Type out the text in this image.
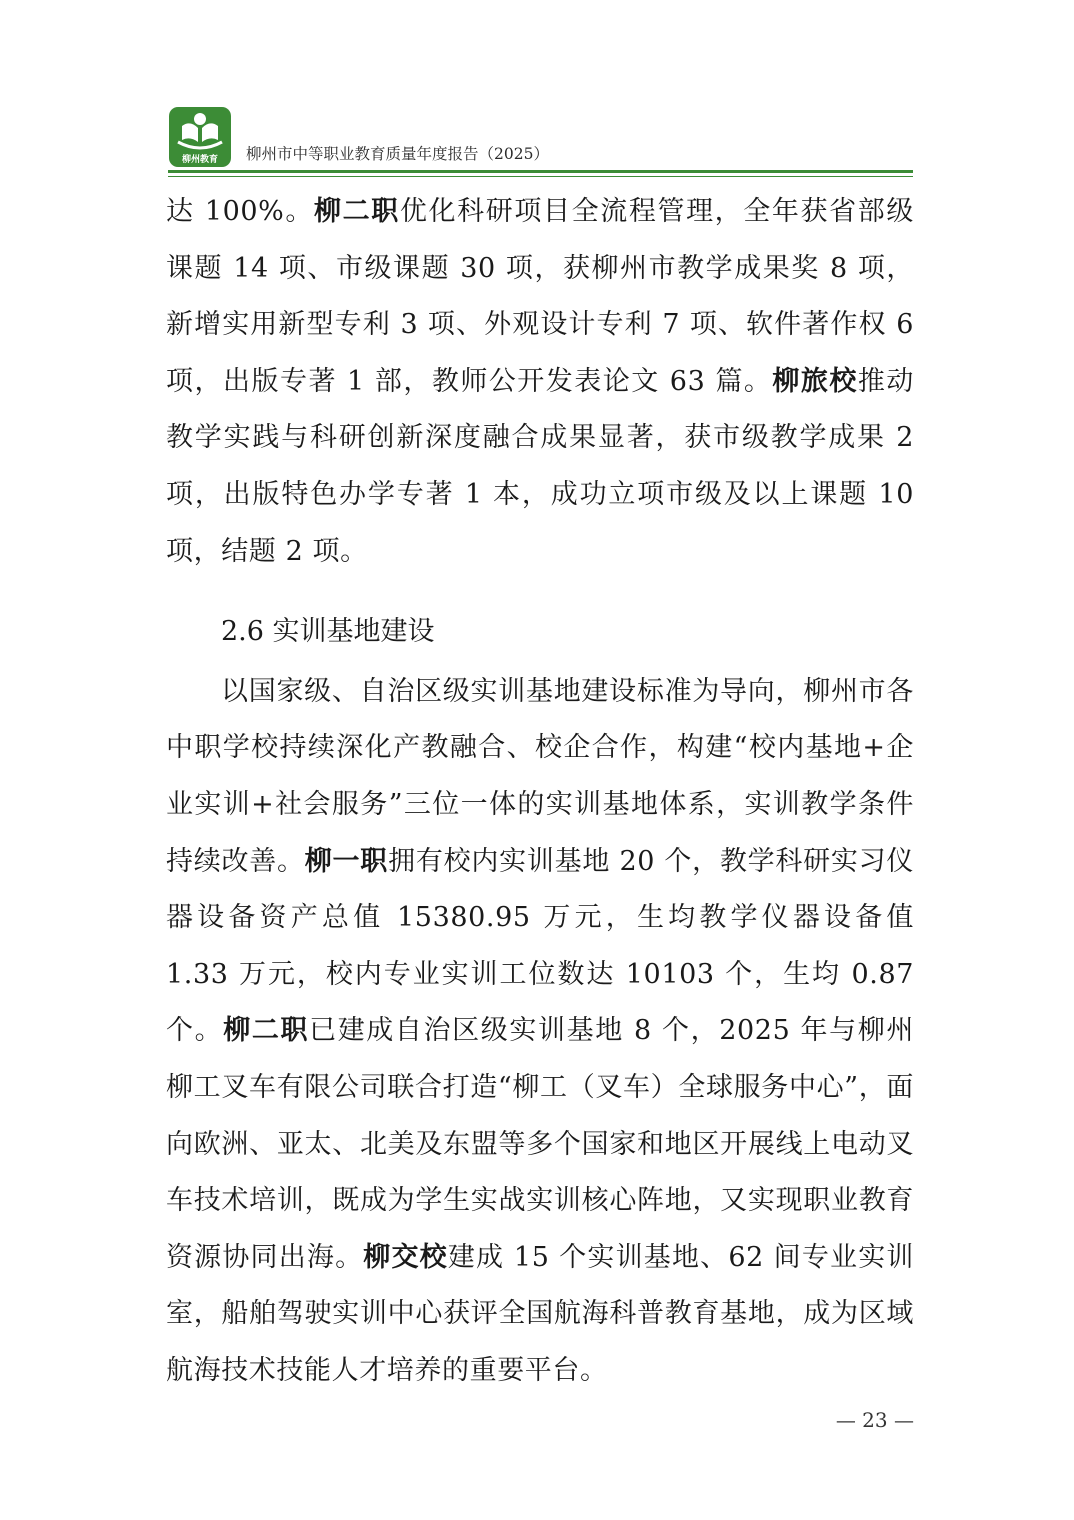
柳州教育 柳州市中等职业教育质量年度报告（2025）

达 100%。柳二职优化科研项目全流程管理，全年获省部级课题 14 项、市级课题 30 项，获柳州市教学成果奖 8 项，新增实用新型专利 3 项、外观设计专利 7 项、软件著作权 6 项，出版专著 1 部，教师公开发表论文 63 篇。柳旅校推动教学实践与科研创新深度融合成果显著，获市级教学成果 2 项，出版特色办学专著 1 本，成功立项市级及以上课题 10 项，结题 2 项。

2.6 实训基地建设

以国家级、自治区级实训基地建设标准为导向，柳州市各中职学校持续深化产教融合、校企合作，构建“校内基地+企业实训+社会服务”三位一体的实训基地体系，实训教学条件持续改善。柳一职拥有校内实训基地 20 个，教学科研实习仪器设备资产总值 15380.95 万元，生均教学仪器设备值 1.33 万元，校内专业实训工位数达 10103 个，生均 0.87 个。柳二职已建成自治区级实训基地 8 个，2025 年与柳州柳工叉车有限公司联合打造“柳工（叉车）全球服务中心”，面向欧洲、亚太、北美及东盟等多个国家和地区开展线上电动叉车技术培训，既成为学生实战实训核心阵地，又实现职业教育资源协同出海。柳交校建成 15 个实训基地、62 间专业实训室，船舶驾驶实训中心获评全国航海科普教育基地，成为区域航海技术技能人才培养的重要平台。

— 23 —
